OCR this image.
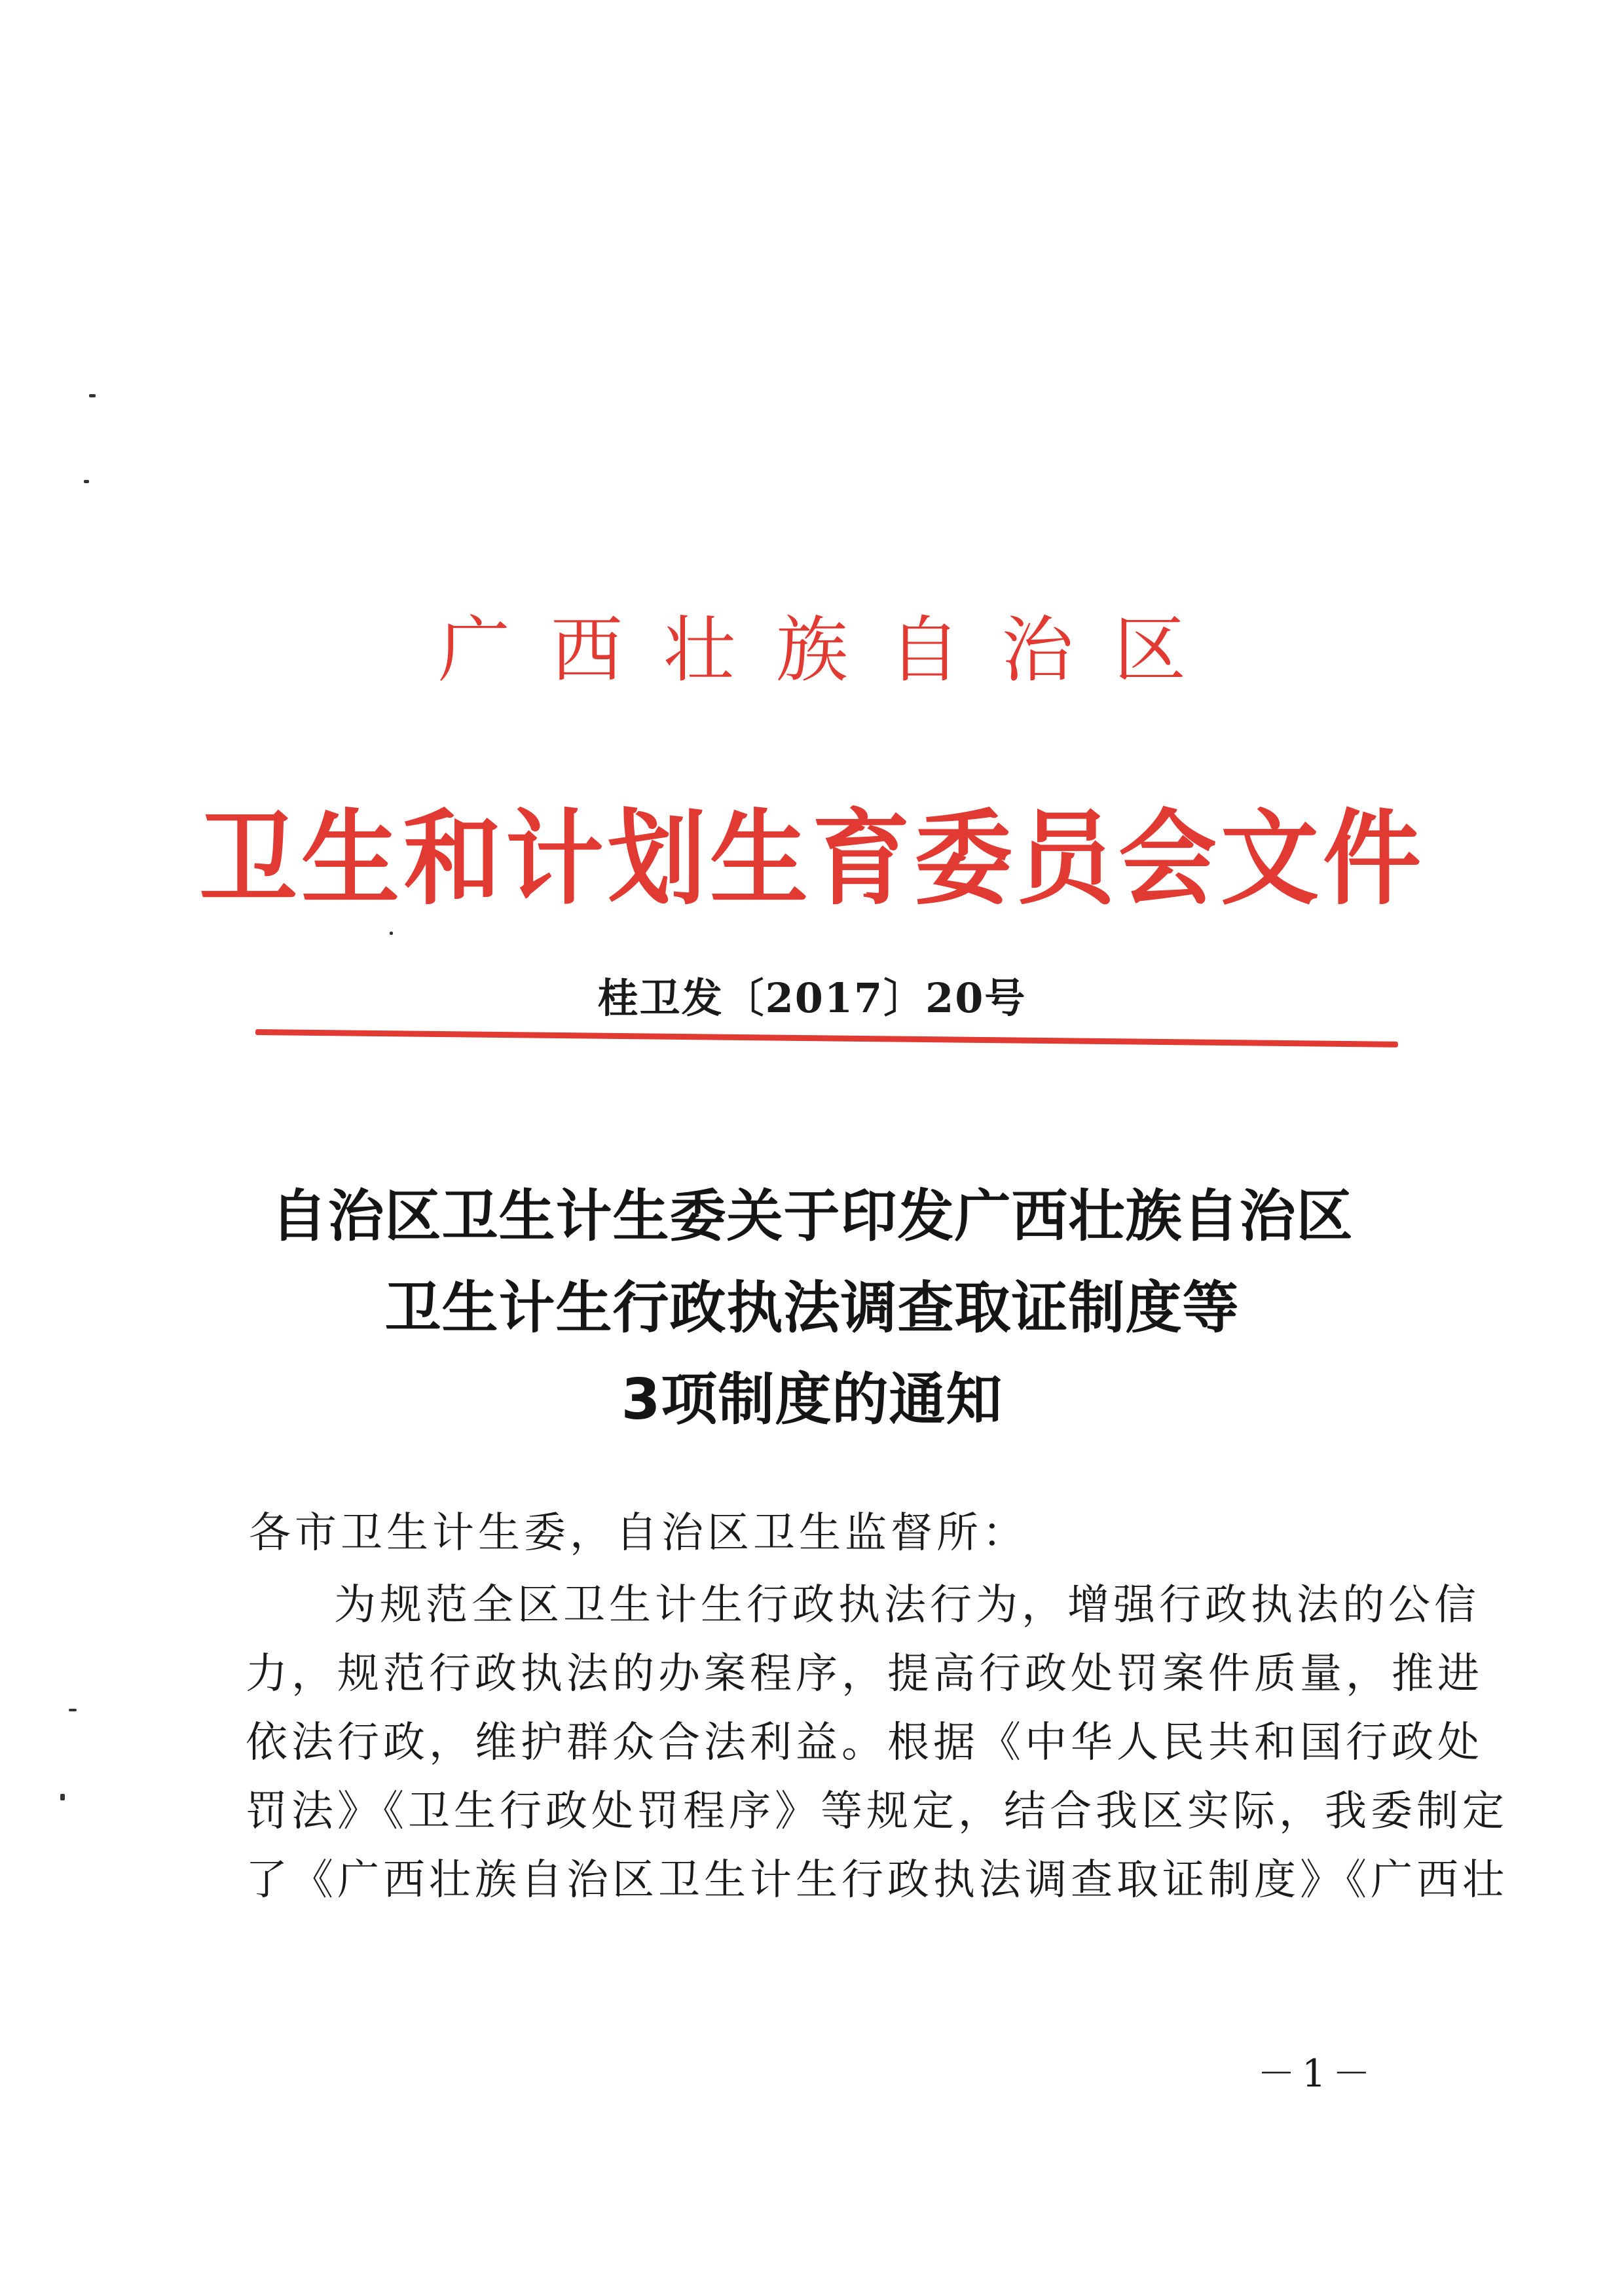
广西壮族自治区
卫生和计划生育委员会文件
桂卫发〔2017〕20号
自治区卫生计生委关于印发广西壮族自治区
卫生计生行政执法调查取证制度等
3项制度的通知
各市卫生计生委，自治区卫生监督所：
为规范全区卫生计生行政执法行为，增强行政执法的公信
力，规范行政执法的办案程序，提高行政处罚案件质量，推进
依法行政，维护群众合法利益。根据《中华人民共和国行政处
罚法》《卫生行政处罚程序》等规定，结合我区实际，我委制定
了《广西壮族自治区卫生计生行政执法调查取证制度》《广西壮
－1－
